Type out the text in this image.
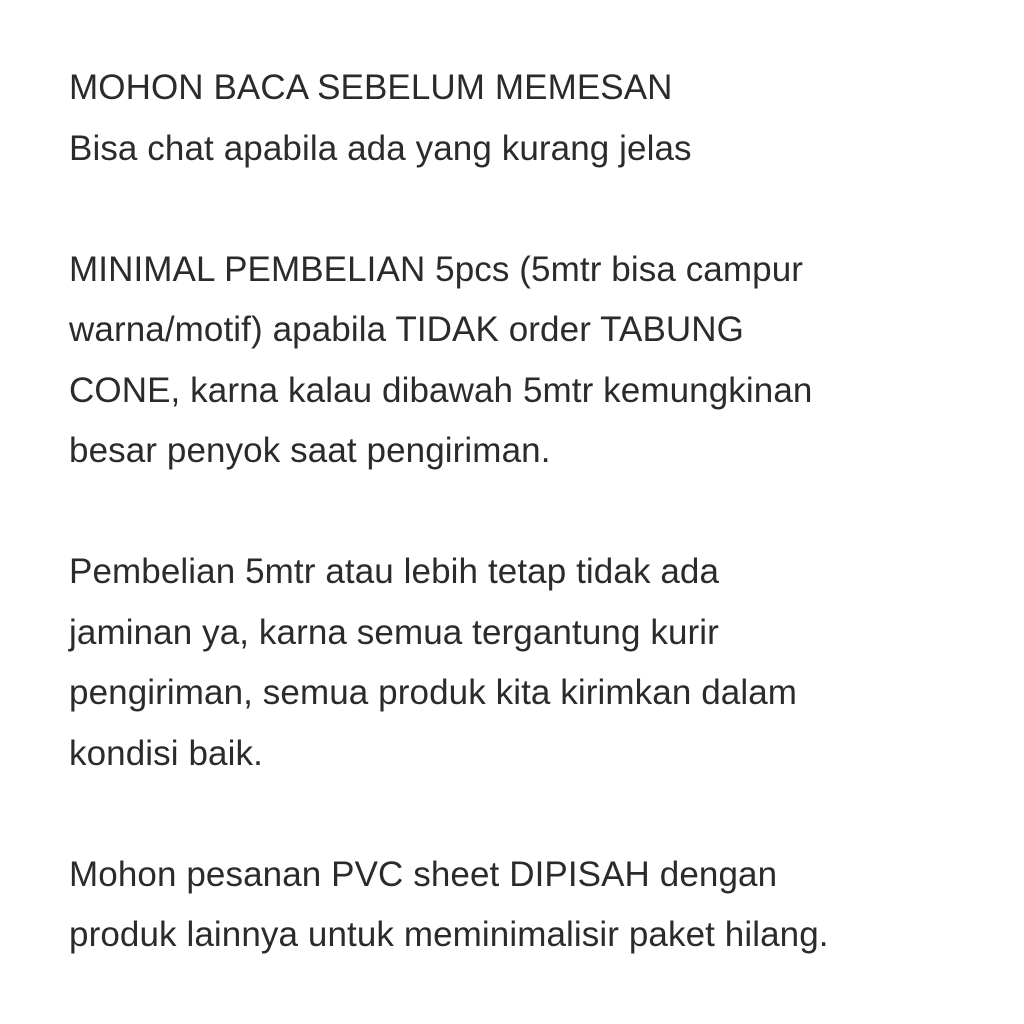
MOHON BACA SEBELUM MEMESAN
Bisa chat apabila ada yang kurang jelas
MINIMAL PEMBELIAN 5pcs (5mtr bisa campur
warna/motif) apabila TIDAK order TABUNG
CONE, karna kalau dibawah 5mtr kemungkinan
besar penyok saat pengiriman.
Pembelian 5mtr atau lebih tetap tidak ada
jaminan ya, karna semua tergantung kurir
pengiriman, semua produk kita kirimkan dalam
kondisi baik.
Mohon pesanan PVC sheet DIPISAH dengan
produk lainnya untuk meminimalisir paket hilang.
